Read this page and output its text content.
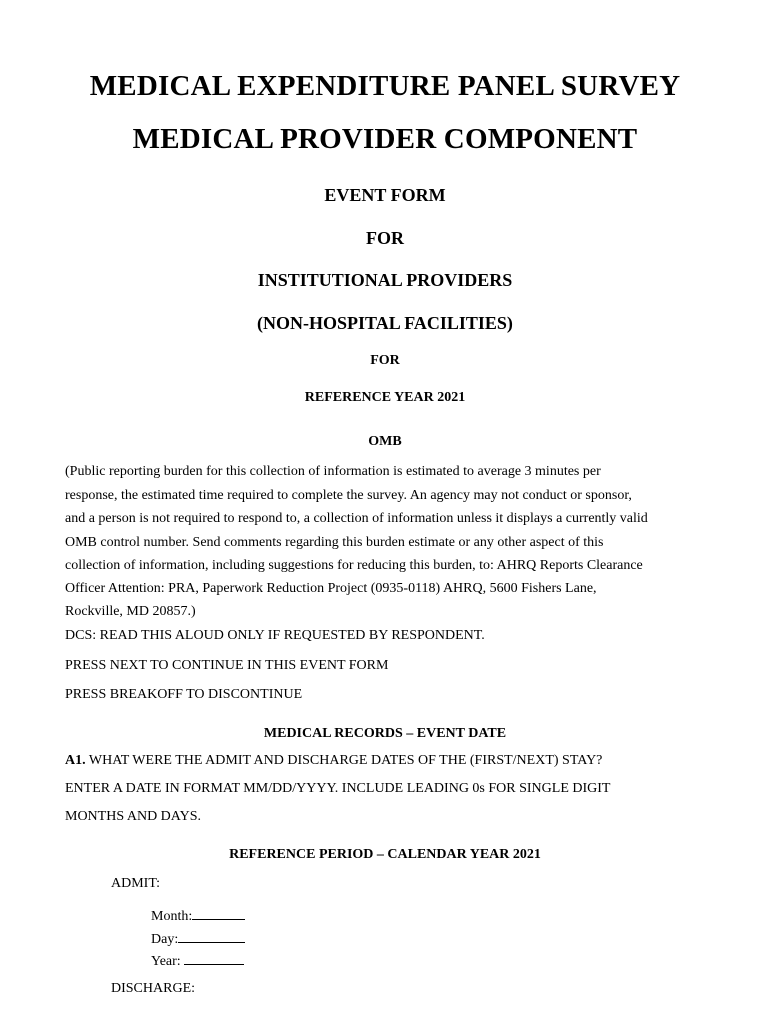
MEDICAL EXPENDITURE PANEL SURVEY
MEDICAL PROVIDER COMPONENT
EVENT FORM
FOR
INSTITUTIONAL PROVIDERS
(NON-HOSPITAL FACILITIES)
FOR
REFERENCE YEAR 2021
OMB
(Public reporting burden for this collection of information is estimated to average 3 minutes per
response, the estimated time required to complete the survey. An agency may not conduct or sponsor,
and a person is not required to respond to, a collection of information unless it displays a currently valid
OMB control number. Send comments regarding this burden estimate or any other aspect of this
collection of information, including suggestions for reducing this burden, to: AHRQ Reports Clearance
Officer Attention: PRA, Paperwork Reduction Project (0935-0118) AHRQ, 5600 Fishers Lane,
Rockville, MD 20857.)
DCS: READ THIS ALOUD ONLY IF REQUESTED BY RESPONDENT.
PRESS NEXT TO CONTINUE IN THIS EVENT FORM
PRESS BREAKOFF TO DISCONTINUE
MEDICAL RECORDS – EVENT DATE
A1. WHAT WERE THE ADMIT AND DISCHARGE DATES OF THE (FIRST/NEXT) STAY?
ENTER A DATE IN FORMAT MM/DD/YYYY. INCLUDE LEADING 0s FOR SINGLE DIGIT
MONTHS AND DAYS.
REFERENCE PERIOD – CALENDAR YEAR 2021
ADMIT:
Month:
Day:
Year:
DISCHARGE:
